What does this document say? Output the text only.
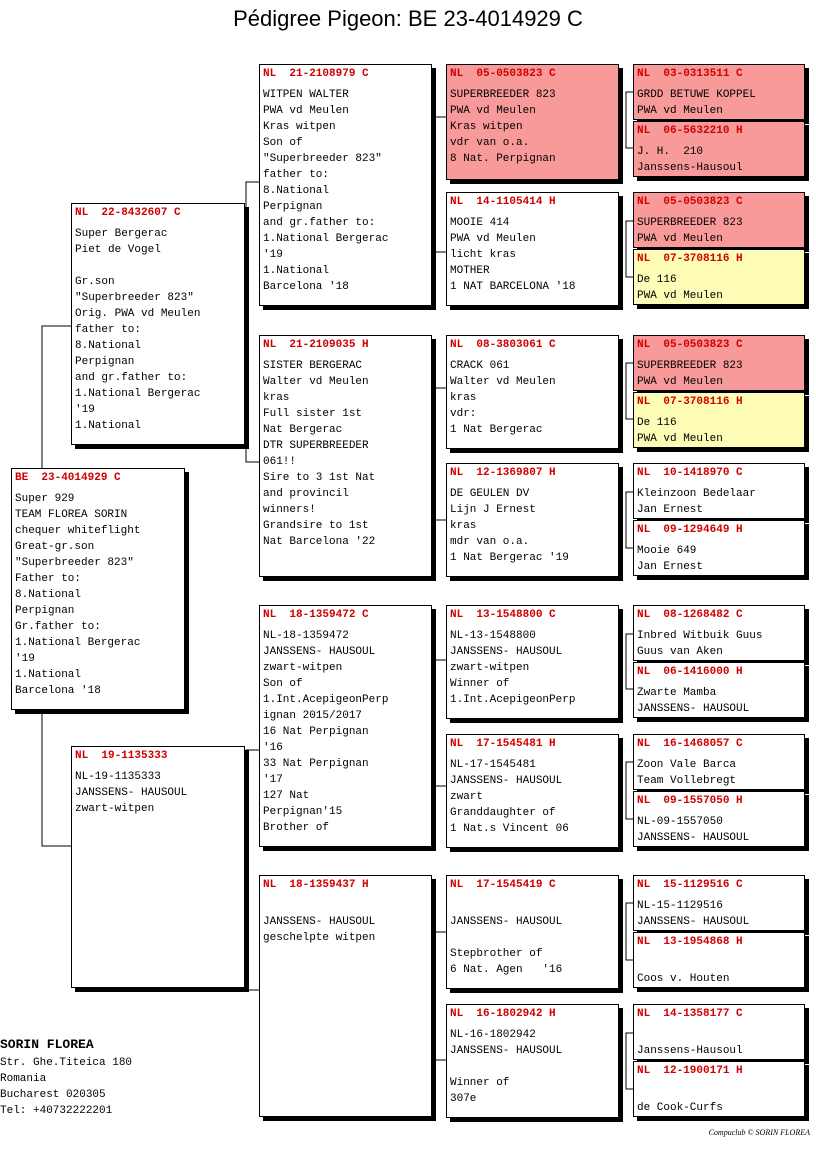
Pédigree Pigeon: BE 23-4014929 C
BE  23-4014929 C
Super 929
TEAM FLOREA SORIN
chequer whiteflight
Great-gr.son
"Superbreeder 823"
Father to:
8.National
Perpignan
Gr.father to:
1.National Bergerac
'19
1.National
Barcelona '18
NL  22-8432607 C
Super Bergerac
Piet de Vogel
Gr.son
"Superbreeder 823"
Orig. PWA vd Meulen
father to:
8.National
Perpignan
and gr.father to:
1.National Bergerac
'19
1.National
NL  19-1135333
NL-19-1135333
JANSSENS- HAUSOUL
zwart-witpen
NL  21-2108979 C
WITPEN WALTER
PWA vd Meulen
Kras witpen
Son of
"Superbreeder 823"
father to:
8.National
Perpignan
and gr.father to:
1.National Bergerac
'19
1.National
Barcelona '18
NL  21-2109035 H
SISTER BERGERAC
Walter vd Meulen
kras
Full sister 1st
Nat Bergerac
DTR SUPERBREEDER
061!!
Sire to 3 1st Nat
and provincil
winners!
Grandsire to 1st
Nat Barcelona '22
NL  18-1359472 C
NL-18-1359472
JANSSENS- HAUSOUL
zwart-witpen
Son of
1.Int.AcepigeonPerp
ignan 2015/2017
16 Nat Perpignan
'16
33 Nat Perpignan
'17
127 Nat
Perpignan'15
Brother of
NL  18-1359437 H
JANSSENS- HAUSOUL
geschelpte witpen
NL  05-0503823 C
SUPERBREEDER 823
PWA vd Meulen
Kras witpen
vdr van o.a.
8 Nat. Perpignan
NL  14-1105414 H
MOOIE 414
PWA vd Meulen
licht kras
MOTHER
1 NAT BARCELONA '18
NL  08-3803061 C
CRACK 061
Walter vd Meulen
kras
vdr:
1 Nat Bergerac
NL  12-1369807 H
DE GEULEN DV
Lijn J Ernest
kras
mdr van o.a.
1 Nat Bergerac '19
NL  13-1548800 C
NL-13-1548800
JANSSENS- HAUSOUL
zwart-witpen
Winner of
1.Int.AcepigeonPerp
NL  17-1545481 H
NL-17-1545481
JANSSENS- HAUSOUL
zwart
Granddaughter of
1 Nat.s Vincent 06
NL  17-1545419 C
JANSSENS- HAUSOUL
Stepbrother of
6 Nat. Agen   '16
NL  16-1802942 H
NL-16-1802942
JANSSENS- HAUSOUL
Winner of
307e
NL  03-0313511 C
GRDD BETUWE KOPPEL
PWA vd Meulen
NL  06-5632210 H
J. H.  210
Janssens-Hausoul
NL  05-0503823 C
SUPERBREEDER 823
PWA vd Meulen
NL  07-3708116 H
De 116
PWA vd Meulen
NL  05-0503823 C
SUPERBREEDER 823
PWA vd Meulen
NL  07-3708116 H
De 116
PWA vd Meulen
NL  10-1418970 C
Kleinzoon Bedelaar
Jan Ernest
NL  09-1294649 H
Mooie 649
Jan Ernest
NL  08-1268482 C
Inbred Witbuik Guus
Guus van Aken
NL  06-1416000 H
Zwarte Mamba
JANSSENS- HAUSOUL
NL  16-1468057 C
Zoon Vale Barca
Team Vollebregt
NL  09-1557050 H
NL-09-1557050
JANSSENS- HAUSOUL
NL  15-1129516 C
NL-15-1129516
JANSSENS- HAUSOUL
NL  13-1954868 H
Coos v. Houten
NL  14-1358177 C
Janssens-Hausoul
NL  12-1900171 H
de Cook-Curfs
SORIN FLOREA
Str. Ghe.Titeica 180
Romania
Bucharest 020305
Tel: +40732222201
Compuclub © SORIN FLOREA
